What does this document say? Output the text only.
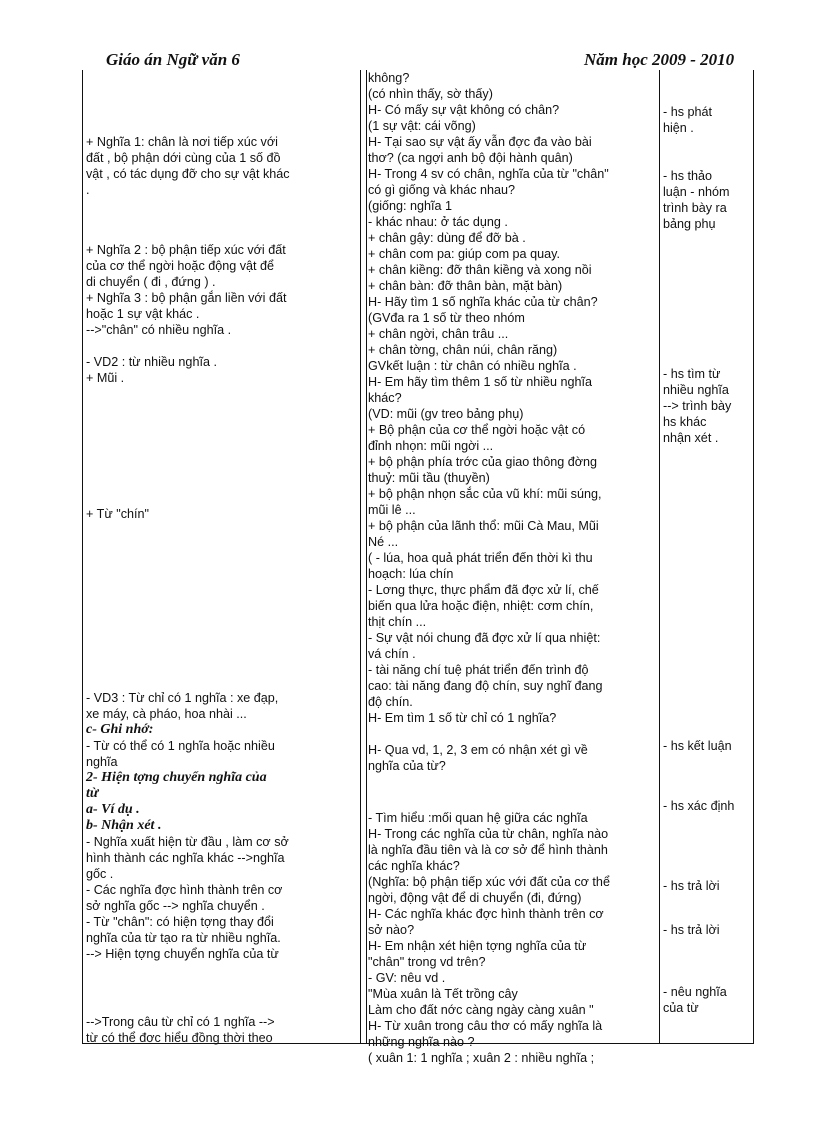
Giáo án Ngữ văn 6	Năm học 2009 - 2010
+ Nghĩa 1: chân là nơi tiếp xúc với
đất , bộ phận dới cùng của 1 số đồ
vật , có tác dụng đỡ cho sự vật khác
.
+ Nghĩa 2 : bộ phận tiếp xúc với đất
của cơ thể ngời hoặc động vật để
di chuyển ( đi , đứng ) .
+ Nghĩa 3 : bộ phận gắn liền với đất
hoặc 1 sự vật khác .
-->"chân" có nhiều nghĩa .
- VD2 : từ nhiều nghĩa .
+ Mũi .
+ Từ "chín"
- VD3 : Từ chỉ có 1 nghĩa : xe đạp,
xe máy, cà pháo, hoa nhài ...
c- Ghi nhớ:
- Từ có thể có 1 nghĩa hoặc nhiều
nghĩa
2- Hiện tợng chuyển nghĩa của
từ
a- Ví dụ .
b- Nhận xét .
- Nghĩa xuất hiện từ đầu , làm cơ sở
hình thành các nghĩa khác -->nghĩa
gốc .
- Các nghĩa đợc hình thành trên cơ
sở nghĩa gốc --> nghĩa chuyển .
- Từ "chân": có hiện tợng thay đổi
nghĩa của từ tạo ra từ nhiều nghĩa.
--> Hiện tợng chuyển nghĩa của từ
-->Trong câu từ chỉ có 1 nghĩa -->
từ có thể đợc hiểu đồng thời theo
không?
(có nhìn thấy, sờ thấy)
H- Có mấy sự vật không có chân?
(1 sự vật: cái võng)
H- Tại sao sự vật ấy vẫn đợc đa vào bài
thơ? (ca ngợi anh bộ đội hành quân)
H- Trong 4 sv có chân, nghĩa của từ "chân"
có gì giống và khác nhau?
(giống: nghĩa 1
- khác nhau: ở tác dụng .
+ chân gậy: dùng để đỡ bà .
+ chân com pa: giúp com pa quay.
+ chân kiềng: đỡ thân kiềng và xong nồi
+ chân bàn: đỡ thân bàn, mặt bàn)
H- Hãy tìm 1 số nghĩa khác của từ chân?
(GVđa ra 1 số từ theo nhóm
+ chân ngời, chân trâu ...
+ chân tờng, chân núi, chân răng)
GVkết luận : từ chân có nhiều nghĩa .
H- Em hãy tìm thêm 1 số từ nhiều nghĩa
khác?
(VD: mũi (gv treo bảng phụ)
+ Bộ phận của cơ thể ngời hoặc vật có
đỉnh nhọn: mũi ngời ...
+ bộ phận phía trớc của giao thông đờng
thuỷ: mũi tầu (thuyền)
+ bộ phận nhọn sắc của vũ khí: mũi súng,
mũi lê ...
+ bộ phận của lãnh thổ: mũi Cà Mau, Mũi
Né ...
( - lúa, hoa quả phát triển đến thời kì thu
hoạch: lúa chín
- Lơng thực, thực phẩm đã đợc xử lí, chế
biến qua lửa hoặc điện, nhiệt: cơm chín,
thịt chín ...
- Sự vật nói chung đã đợc xử lí qua nhiệt:
vá chín .
- tài năng chí tuệ phát triển đến trình độ
cao: tài năng đang độ chín, suy nghĩ đang
độ chín.
H- Em tìm 1 số từ chỉ có 1 nghĩa?
H- Qua vd, 1, 2, 3 em có nhận xét gì về
nghĩa của từ?
- Tìm hiểu :mối quan hệ giữa các nghĩa
H- Trong các nghĩa của từ chân, nghĩa nào
là nghĩa đầu tiên và là cơ sở để hình thành
các nghĩa khác?
(Nghĩa: bộ phận tiếp xúc với đất của cơ thể
ngời, động vật để di chuyển (đi, đứng)
H- Các nghĩa khác đợc hình thành trên cơ
sở nào?
H- Em nhận xét hiện tợng nghĩa của từ
"chân" trong vd trên?
- GV: nêu vd .
"Mùa xuân là Tết trồng cây
Làm cho đất nớc càng ngày càng xuân "
H- Từ xuân trong câu thơ có mấy nghĩa là
những nghĩa nào ?
( xuân 1: 1 nghĩa ; xuân 2 : nhiều nghĩa ;
- hs phát
hiện .
- hs thảo
luận - nhóm
trình bày ra
bảng phụ
- hs tìm từ
nhiều nghĩa
--> trình bày
hs khác
nhận xét .
- hs kết luận
- hs xác định
- hs trả lời
- hs trả lời
- nêu nghĩa
của từ
